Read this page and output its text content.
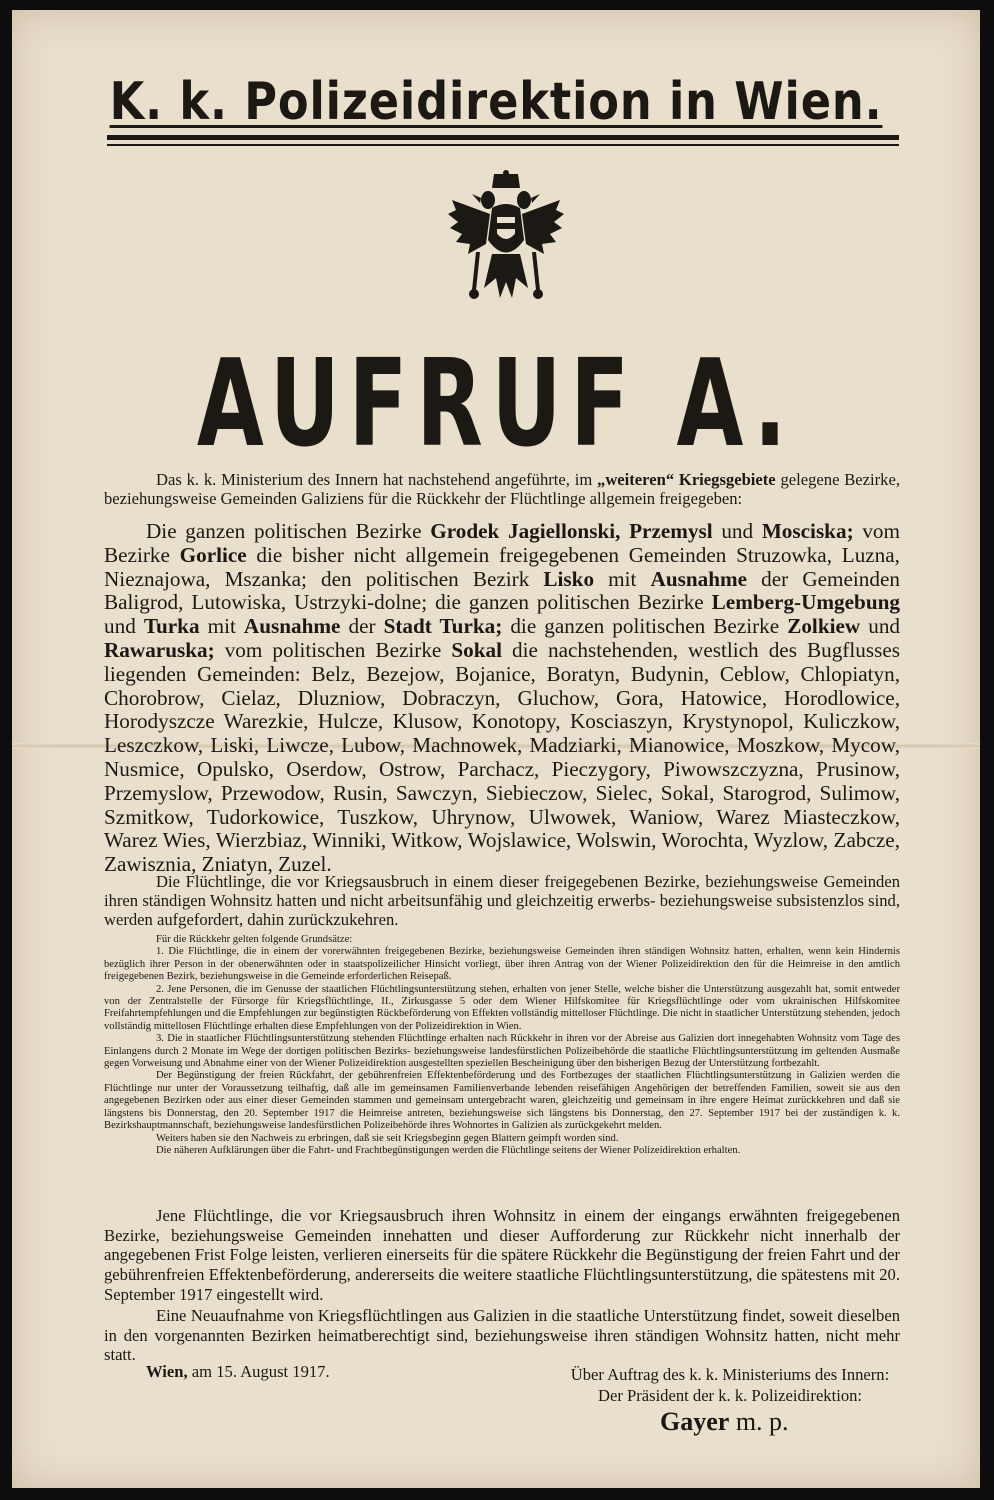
K. k. Polizeidirektion in Wien.
AUFRUF A.
Das k. k. Ministerium des Innern hat nachstehend angeführte, im „weiteren“ Kriegsgebiete gelegene Bezirke, beziehungsweise Gemeinden Galiziens für die Rückkehr der Flüchtlinge allgemein freigegeben:
Die ganzen politischen Bezirke Grodek Jagiellonski, Przemysl und Mosciska; vom Bezirke Gorlice die bisher nicht allgemein freigegebenen Gemeinden Struzowka, Luzna, Nieznajowa, Mszanka; den politischen Bezirk Lisko mit Ausnahme der Gemeinden Baligrod, Lutowiska, Ustrzyki-dolne; die ganzen politischen Bezirke Lemberg-Umgebung und Turka mit Ausnahme der Stadt Turka; die ganzen politischen Bezirke Zolkiew und Rawaruska; vom politischen Bezirke Sokal die nachstehenden, westlich des Bugflusses liegenden Gemeinden: Belz, Bezejow, Bojanice, Boratyn, Budynin, Ceblow, Chlopiatyn, Chorobrow, Cielaz, Dluzniow, Dobraczyn, Gluchow, Gora, Hatowice, Horodlowice, Horodyszcze Warezkie, Hulcze, Klusow, Konotopy, Kosciaszyn, Krystynopol, Kuliczkow, Leszczkow, Liski, Liwcze, Lubow, Machnowek, Madziarki, Mianowice, Moszkow, Mycow, Nusmice, Opulsko, Oserdow, Ostrow, Parchacz, Pieczygory, Piwowszczyzna, Prusinow, Przemyslow, Przewodow, Rusin, Sawczyn, Siebieczow, Sielec, Sokal, Starogrod, Sulimow, Szmitkow, Tudorkowice, Tuszkow, Uhrynow, Ulwowek, Waniow, Warez Miasteczkow, Warez Wies, Wierzbiaz, Winniki, Witkow, Wojslawice, Wolswin, Worochta, Wyzlow, Zabcze, Zawisznia, Zniatyn, Zuzel.
Die Flüchtlinge, die vor Kriegsausbruch in einem dieser freigegebenen Bezirke, beziehungsweise Gemeinden ihren ständigen Wohnsitz hatten und nicht arbeitsunfähig und gleichzeitig erwerbs- beziehungsweise subsistenzlos sind, werden aufgefordert, dahin zurückzukehren.

Für die Rückkehr gelten folgende Grundsätze:

1. Die Flüchtlinge, die in einem der vorerwähnten freigegebenen Bezirke, beziehungsweise Gemeinden ihren ständigen Wohnsitz hatten, erhalten, wenn kein Hindernis bezüglich ihrer Person in der obenerwähnten oder in staatspolizeilicher Hinsicht vorliegt, über ihren Antrag von der Wiener Polizeidirektion den für die Heimreise in den amtlich freigegebenen Bezirk, beziehungsweise in die Gemeinde erforderlichen Reisepaß.

2. Jene Personen, die im Genusse der staatlichen Flüchtlingsunterstützung stehen, erhalten von jener Stelle, welche bisher die Unterstützung ausgezahlt hat, somit entweder von der Zentralstelle der Fürsorge für Kriegsflüchtlinge, II., Zirkusgasse 5 oder dem Wiener Hilfskomitee für Kriegsflüchtlinge oder vom ukrainischen Hilfskomitee Freifahrtempfehlungen und die Empfehlungen zur begünstigten Rückbeförderung von Effekten vollständig mittelloser Flüchtlinge. Die nicht in staatlicher Unterstützung stehenden, jedoch vollständig mittellosen Flüchtlinge erhalten diese Empfehlungen von der Polizeidirektion in Wien.

3. Die in staatlicher Flüchtlingsunterstützung stehenden Flüchtlinge erhalten nach Rückkehr in ihren vor der Abreise aus Galizien dort innegehabten Wohnsitz vom Tage des Einlangens durch 2 Monate im Wege der dortigen politischen Bezirks- beziehungsweise landesfürstlichen Polizeibehörde die staatliche Flüchtlingsunterstützung im geltenden Ausmaße gegen Vorweisung und Abnahme einer von der Wiener Polizeidirektion ausgestellten speziellen Bescheinigung über den bisherigen Bezug der Unterstützung fortbezahlt.

Der Begünstigung der freien Rückfahrt, der gebührenfreien Effektenbeförderung und des Fortbezuges der staatlichen Flüchtlingsunterstützung in Galizien werden die Flüchtlinge nur unter der Voraussetzung teilhaftig, daß alle im gemeinsamen Familienverbande lebenden reisefähigen Angehörigen der betreffenden Familien, soweit sie aus den angegebenen Bezirken oder aus einer dieser Gemeinden stammen und gemeinsam untergebracht waren, gleichzeitig und gemeinsam in ihre engere Heimat zurückkehren und daß sie längstens bis Donnerstag, den 20. September 1917 die Heimreise antreten, beziehungsweise sich längstens bis Donnerstag, den 27. September 1917 bei der zuständigen k. k. Bezirkshauptmannschaft, beziehungsweise landesfürstlichen Polizeibehörde ihres Wohnortes in Galizien als zurückgekehrt melden.

Weiters haben sie den Nachweis zu erbringen, daß sie seit Kriegsbeginn gegen Blattern geimpft worden sind.

Die näheren Aufklärungen über die Fahrt- und Frachtbegünstigungen werden die Flüchtlinge seitens der Wiener Polizeidirektion erhalten.

Jene Flüchtlinge, die vor Kriegsausbruch ihren Wohnsitz in einem der eingangs erwähnten freigegebenen Bezirke, beziehungsweise Gemeinden innehatten und dieser Aufforderung zur Rückkehr nicht innerhalb der angegebenen Frist Folge leisten, verlieren einerseits für die spätere Rückkehr die Begünstigung der freien Fahrt und der gebührenfreien Effektenbeförderung, andererseits die weitere staatliche Flüchtlingsunterstützung, die spätestens mit 20. September 1917 eingestellt wird.
Eine Neuaufnahme von Kriegsflüchtlingen aus Galizien in die staatliche Unterstützung findet, soweit dieselben in den vorgenannten Bezirken heimatberechtigt sind, beziehungsweise ihren ständigen Wohnsitz hatten, nicht mehr statt.
Wien, am 15. August 1917.	Über Auftrag des k. k. Ministeriums des Innern:
Der Präsident der k. k. Polizeidirektion:
Gayer m. p.
